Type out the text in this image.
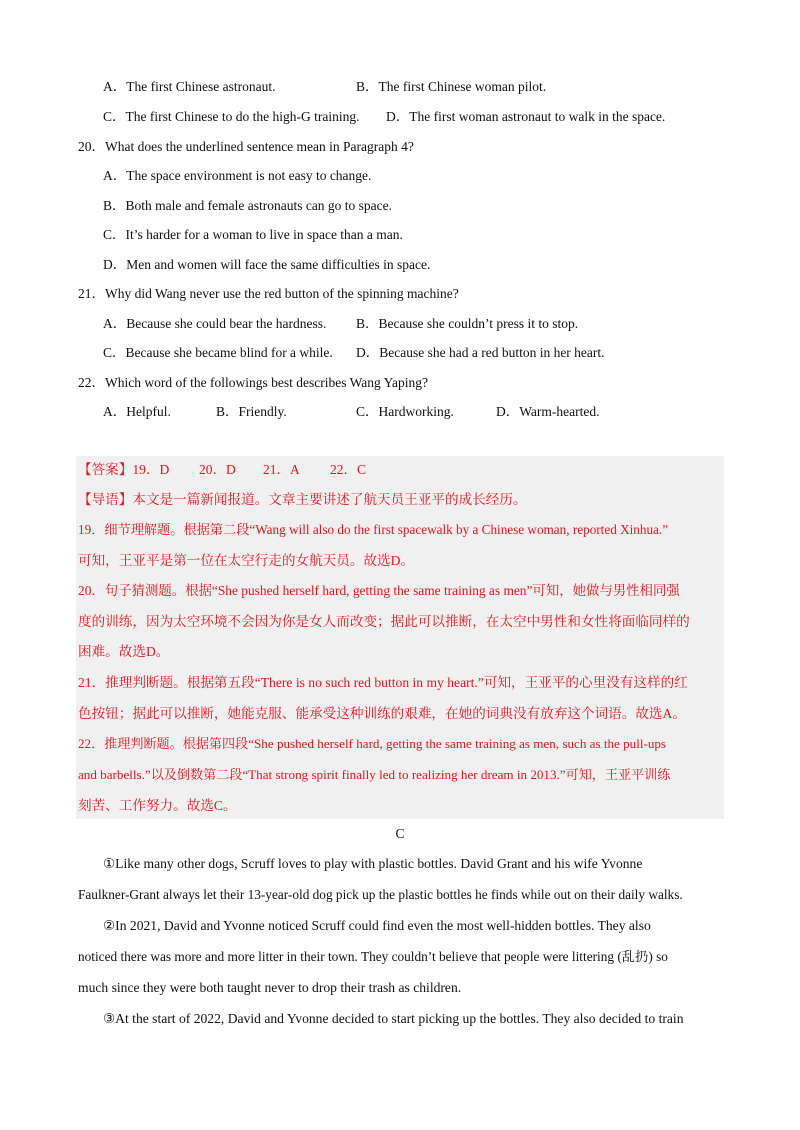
A．The first Chinese astronaut.	B．The first Chinese woman pilot.
C．The first Chinese to do the high-G training. D．The first woman astronaut to walk in the space.
20．What does the underlined sentence mean in Paragraph 4?
A．The space environment is not easy to change.
B．Both male and female astronauts can go to space.
C．It’s harder for a woman to live in space than a man.
D．Men and women will face the same difficulties in space.
21．Why did Wang never use the red button of the spinning machine?
A．Because she could bear the hardness. B．Because she couldn’t press it to stop.
C．Because she became blind for a while. D．Because she had a red button in her heart.
22．Which word of the followings best describes Wang Yaping?
A．Helpful.	B．Friendly.	C．Hardworking.	D．Warm-hearted.
【答案】19．D 20．D 21．A 22．C
【导语】本文是一篇新闻报道。文章主要讲述了航天员王亚平的成长经历。
19．细节理解题。根据第二段“Wang will also do the first spacewalk by a Chinese woman, reported Xinhua.”
可知，王亚平是第一位在太空行走的女航天员。故选D。
20．句子猜测题。根据“She pushed herself hard, getting the same training as men”可知，她做与男性相同强
度的训练，因为太空环境不会因为你是女人而改变；据此可以推断，在太空中男性和女性将面临同样的
困难。故选D。
21．推理判断题。根据第五段“There is no such red button in my heart.”可知，王亚平的心里没有这样的红
色按钮；据此可以推断，她能克服、能承受这种训练的艰难，在她的词典没有放弃这个词语。故选A。
22．推理判断题。根据第四段“She pushed herself hard, getting the same training as men, such as the pull-ups
and barbells.”以及倒数第二段“That strong spirit finally led to realizing her dream in 2013.”可知，王亚平训练
刻苦、工作努力。故选C。
C
①Like many other dogs, Scruff loves to play with plastic bottles. David Grant and his wife Yvonne
Faulkner-Grant always let their 13-year-old dog pick up the plastic bottles he finds while out on their daily walks.
②In 2021, David and Yvonne noticed Scruff could find even the most well-hidden bottles. They also
noticed there was more and more litter in their town. They couldn’t believe that people were littering (乱扔) so
much since they were both taught never to drop their trash as children.
③At the start of 2022, David and Yvonne decided to start picking up the bottles. They also decided to train
